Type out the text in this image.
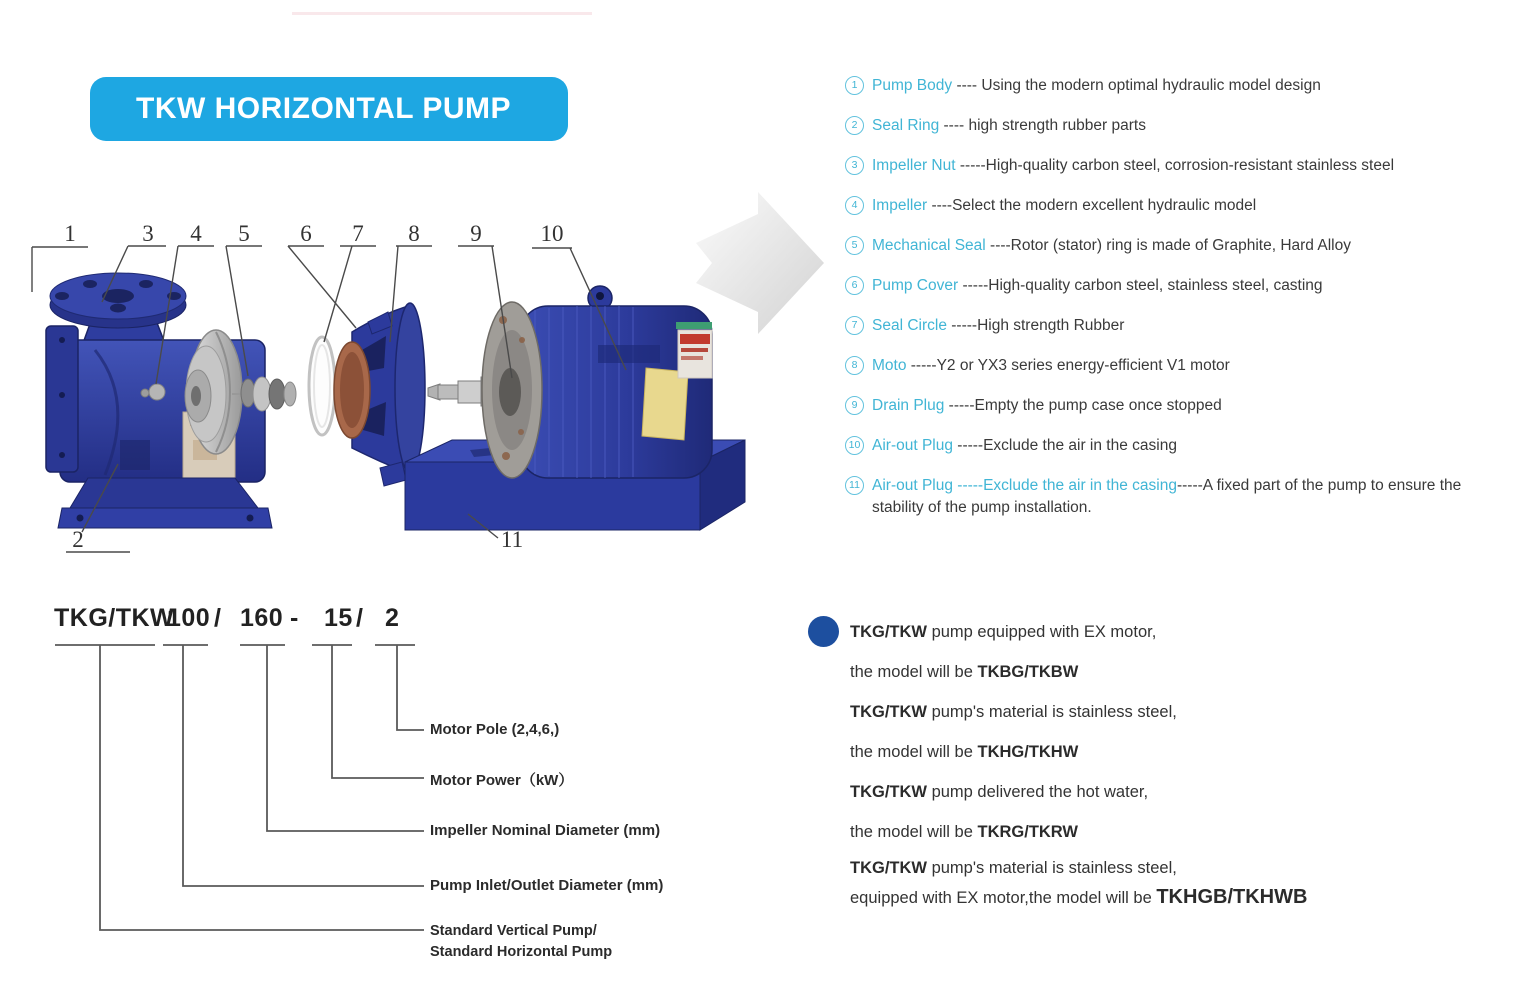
TKW HORIZONTAL PUMP
1	3 4 5 6 7 8 9	10
2	11
TKG/TKW
100 / 160 - 15 / 2
Motor Pole (2,4,6,)
Motor Power（kW）
Impeller Nominal Diameter (mm)
Pump Inlet/Outlet Diameter (mm)
Standard Vertical Pump/
Standard Horizontal Pump
1 Pump Body ---- Using the modern optimal hydraulic model design
2 Seal Ring ---- high strength rubber parts
3 Impeller Nut -----High-quality carbon steel, corrosion-resistant stainless steel
4 Impeller ----Select the modern excellent hydraulic model
5 Mechanical Seal ----Rotor (stator) ring is made of Graphite, Hard Alloy
6 Pump Cover -----High-quality carbon steel, stainless steel, casting
7 Seal Circle -----High strength Rubber
8 Moto -----Y2 or YX3 series energy-efficient V1 motor
9 Drain Plug -----Empty the pump case once stopped
10 Air-out Plug -----Exclude the air in the casing
11 Air-out Plug -----Exclude the air in the casing-----A fixed part of the pump to ensure the stability of the pump installation.
TKG/TKW pump equipped with EX motor,
the model will be TKBG/TKBW
TKG/TKW pump's material is stainless steel,
the model will be TKHG/TKHW
TKG/TKW pump delivered the hot water,
the model will be TKRG/TKRW
TKG/TKW pump's material is stainless steel,
equipped with EX motor,the model will be TKHGB/TKHWB
